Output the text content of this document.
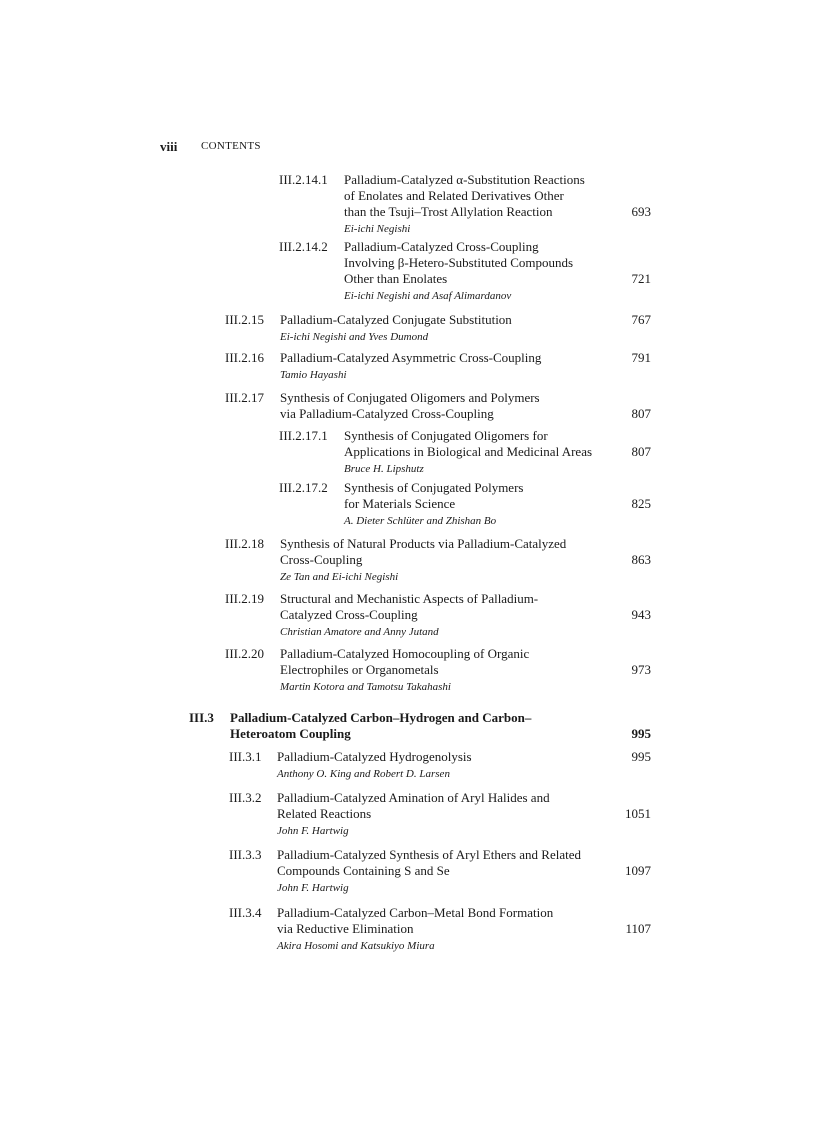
viii CONTENTS
III.2.14.1 Palladium-Catalyzed α-Substitution Reactions
of Enolates and Related Derivatives Other
than the Tsuji–Trost Allylation Reaction
Ei-ichi Negishi
693
III.2.14.2 Palladium-Catalyzed Cross-Coupling
Involving β-Hetero-Substituted Compounds
Other than Enolates
Ei-ichi Negishi and Asaf Alimardanov
721
III.2.15 Palladium-Catalyzed Conjugate Substitution
Ei-ichi Negishi and Yves Dumond
767
III.2.16 Palladium-Catalyzed Asymmetric Cross-Coupling
Tamio Hayashi
791
III.2.17 Synthesis of Conjugated Oligomers and Polymers
via Palladium-Catalyzed Cross-Coupling	807
III.2.17.1 Synthesis of Conjugated Oligomers for
Applications in Biological and Medicinal Areas
Bruce H. Lipshutz
807
III.2.17.2 Synthesis of Conjugated Polymers
for Materials Science
A. Dieter Schlüter and Zhishan Bo
825
III.2.18 Synthesis of Natural Products via Palladium-Catalyzed
Cross-Coupling
Ze Tan and Ei-ichi Negishi
863
III.2.19 Structural and Mechanistic Aspects of Palladium-
Catalyzed Cross-Coupling
Christian Amatore and Anny Jutand
943
III.2.20 Palladium-Catalyzed Homocoupling of Organic
Electrophiles or Organometals
Martin Kotora and Tamotsu Takahashi
973
III.3 Palladium-Catalyzed Carbon–Hydrogen and Carbon–
Heteroatom Coupling	995
III.3.1 Palladium-Catalyzed Hydrogenolysis
Anthony O. King and Robert D. Larsen
995
III.3.2 Palladium-Catalyzed Amination of Aryl Halides and
Related Reactions
John F. Hartwig
1051
III.3.3 Palladium-Catalyzed Synthesis of Aryl Ethers and Related
Compounds Containing S and Se
John F. Hartwig
1097
III.3.4 Palladium-Catalyzed Carbon–Metal Bond Formation
via Reductive Elimination
Akira Hosomi and Katsukiyo Miura
1107
